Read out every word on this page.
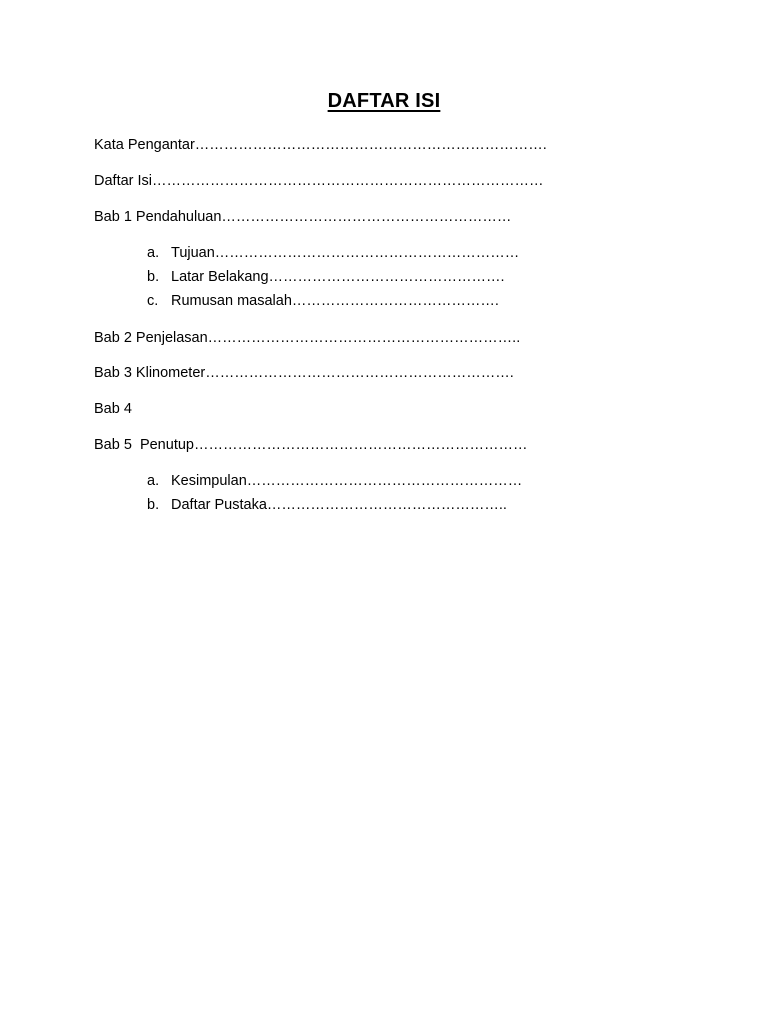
DAFTAR ISI
Kata Pengantar……………………………………………………………….
Daftar Isi………………………………………………………………………
Bab 1 Pendahuluan……………………………………………………
a. Tujuan………………………………………………………
b. Latar Belakang………………………………………….
c. Rumusan masalah…………………………………….
Bab 2 Penjelasan………………………………………………………..
Bab 3 Klinometer……………………………………………………….
Bab 4
Bab 5  Penutup……………………………………………………………
a. Kesimpulan…………………………………………………
b. Daftar Pustaka…………………………………………..
